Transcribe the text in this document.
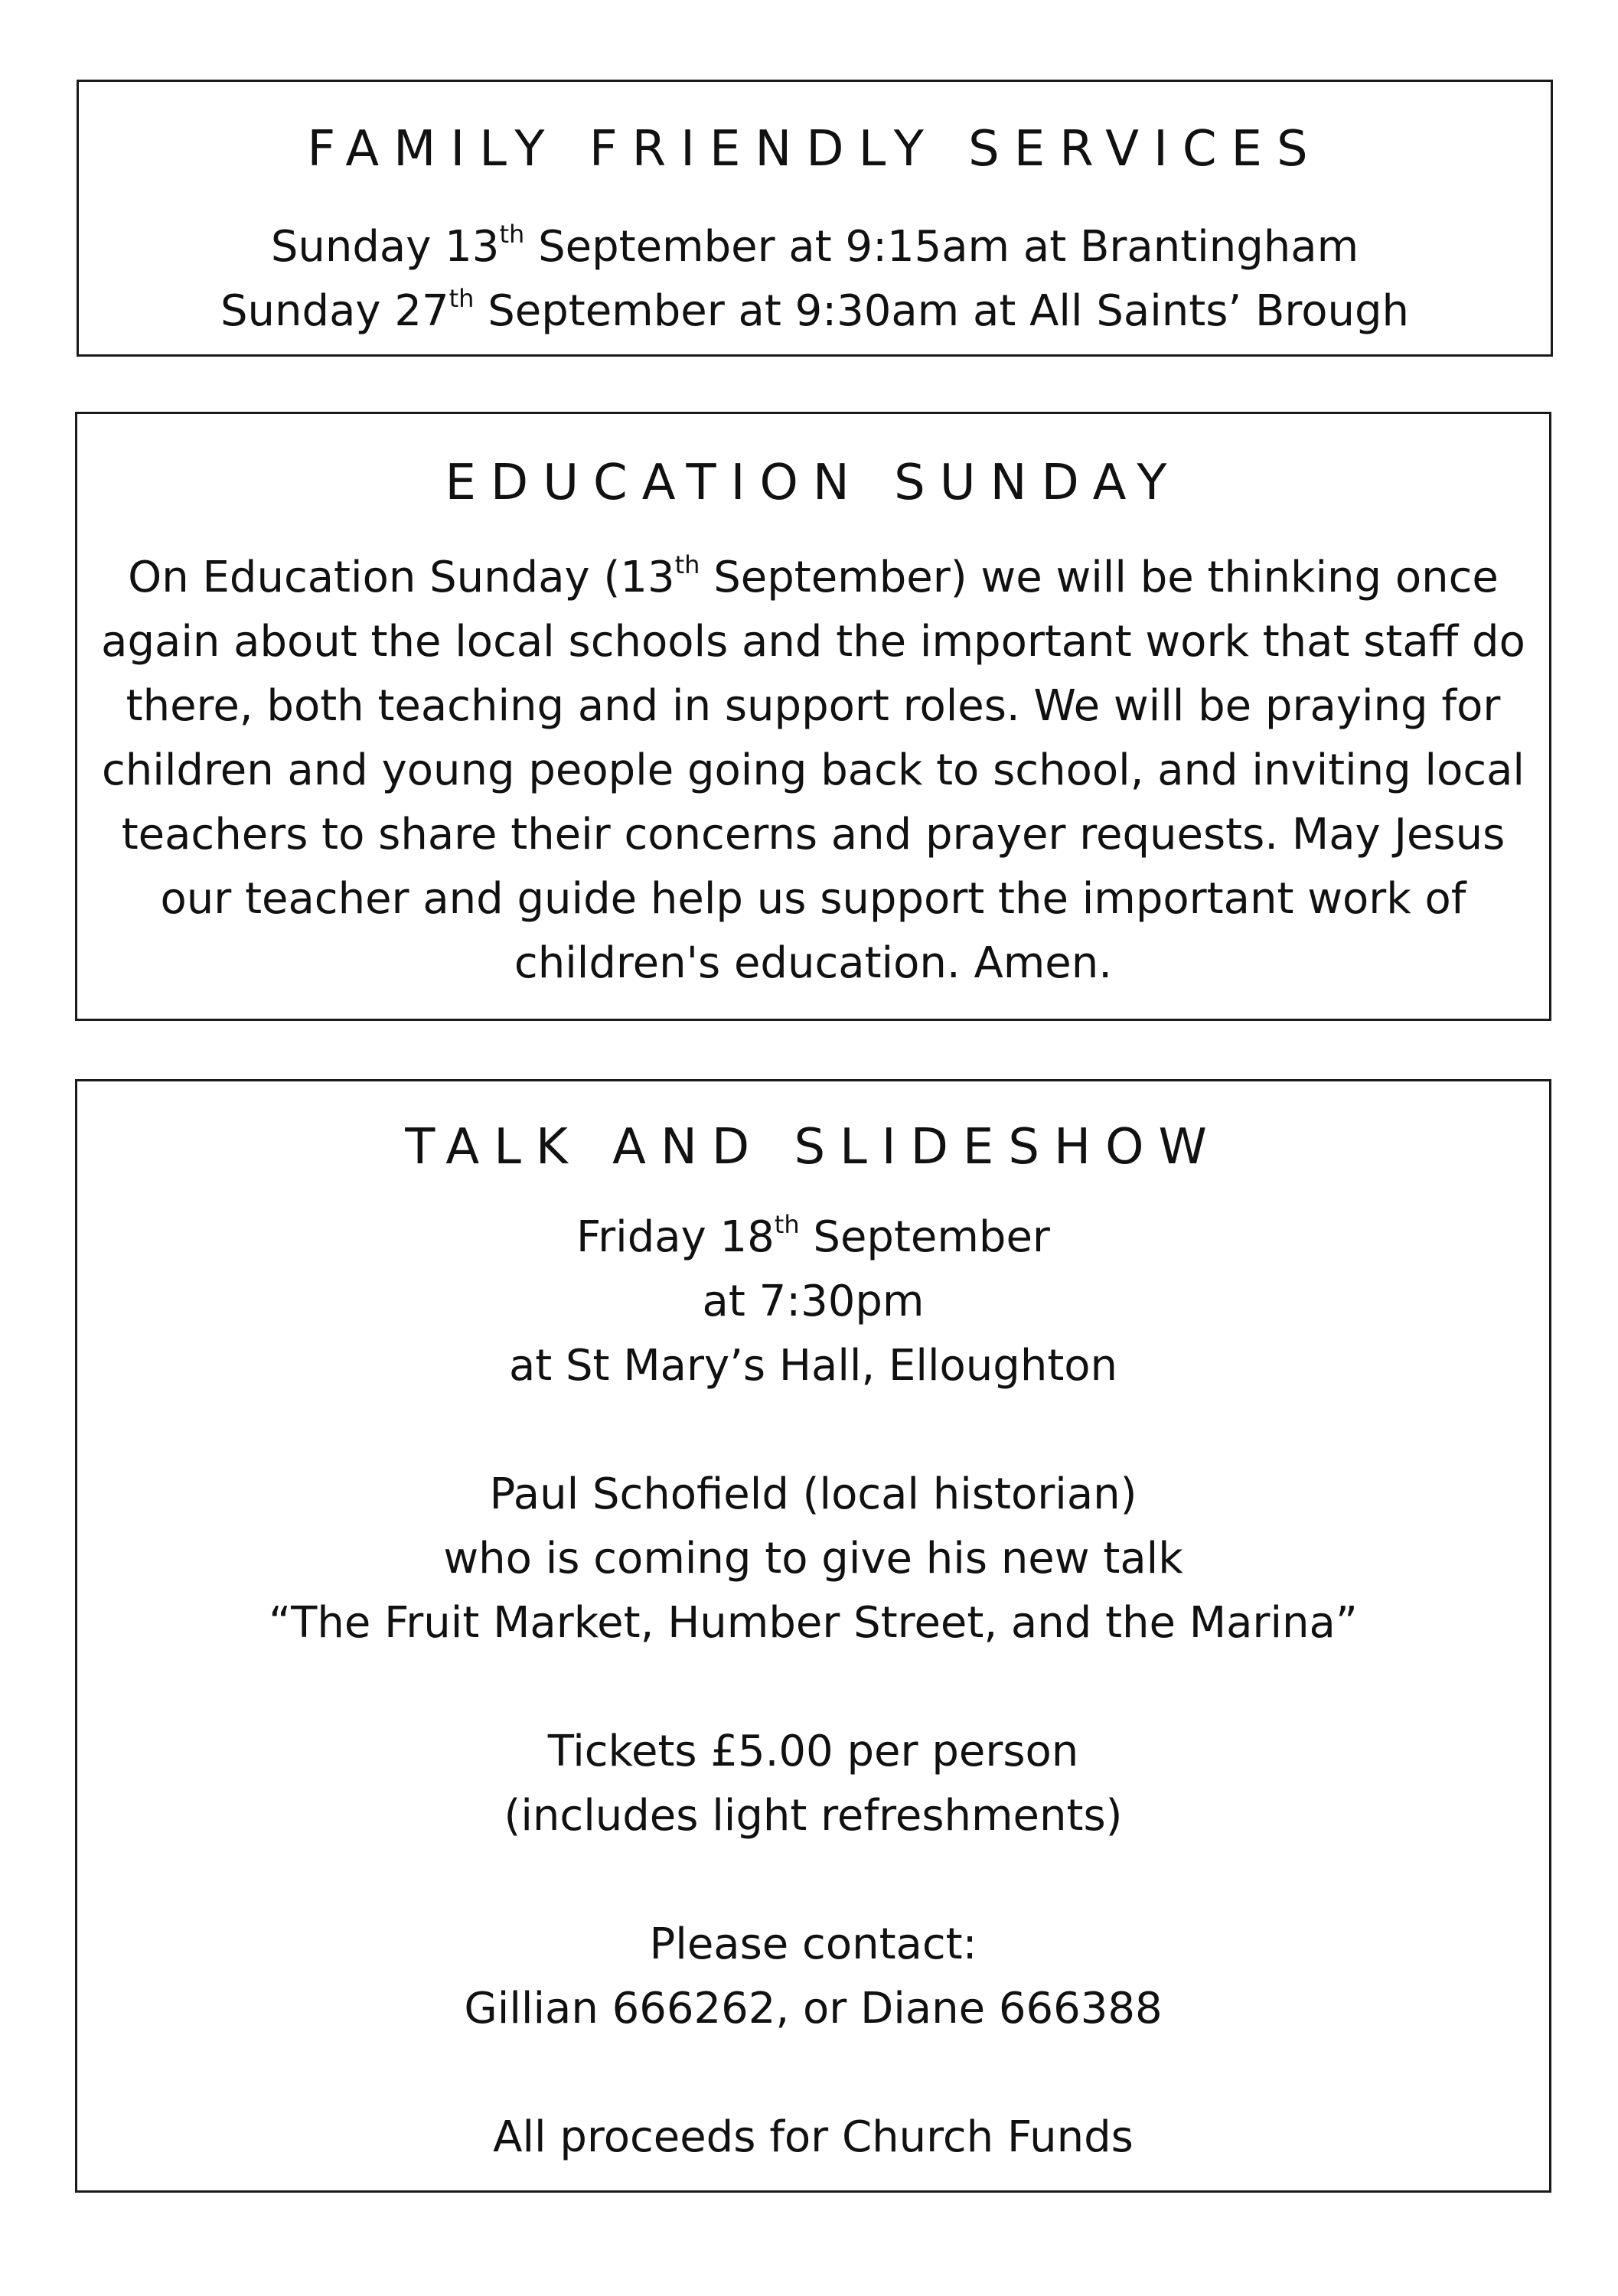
FAMILY FRIENDLY SERVICES

Sunday 13th September at 9:15am at Brantingham

Sunday 27th September at 9:30am at All Saints’ Brough

EDUCATION SUNDAY

On Education Sunday (13th September) we will be thinking once

again about the local schools and the important work that staff do

there, both teaching and in support roles. We will be praying for

children and young people going back to school, and inviting local

teachers to share their concerns and prayer requests. May Jesus

our teacher and guide help us support the important work of

children's education. Amen.

TALK AND SLIDESHOW

Friday 18th September

at 7:30pm

at St Mary’s Hall, Elloughton

Paul Schofield (local historian)

who is coming to give his new talk

“The Fruit Market, Humber Street, and the Marina”

Tickets £5.00 per person

(includes light refreshments)

Please contact:

Gillian 666262, or Diane 666388

All proceeds for Church Funds
